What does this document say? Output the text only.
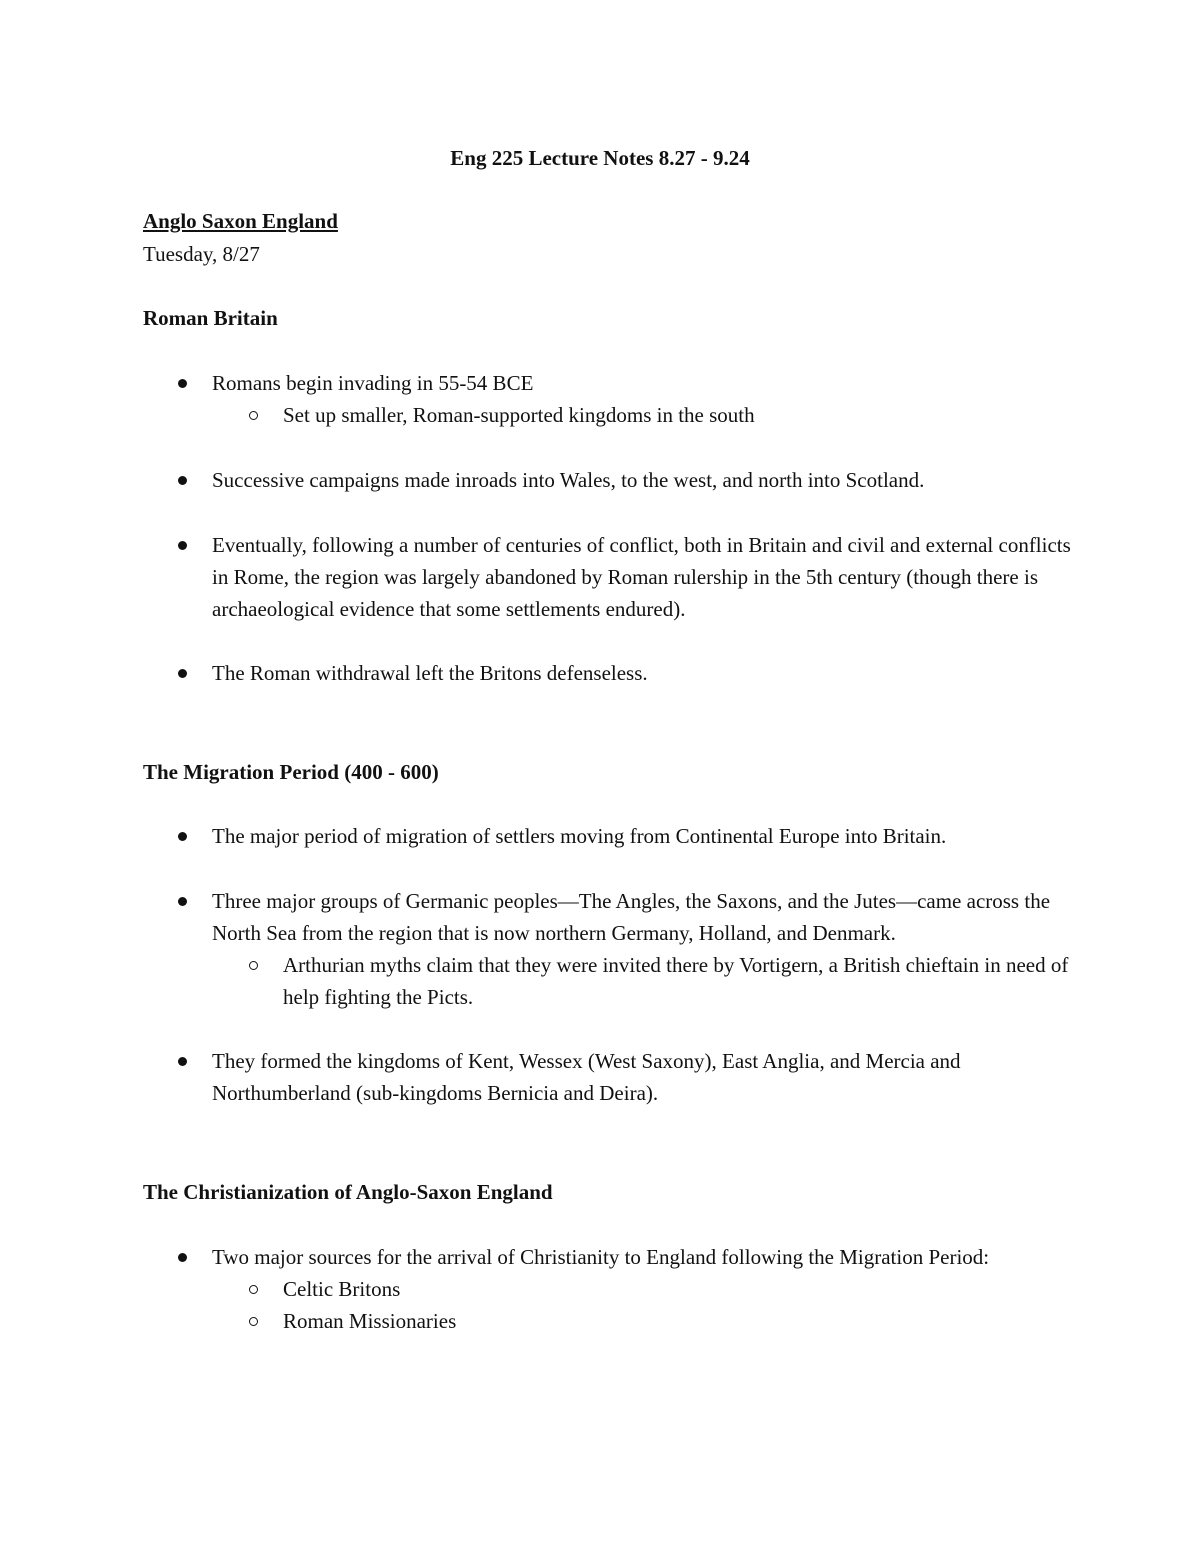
Eng 225 Lecture Notes 8.27 - 9.24
Anglo Saxon England
Tuesday, 8/27
Roman Britain
Romans begin invading in 55-54 BCE
Set up smaller, Roman-supported kingdoms in the south
Successive campaigns made inroads into Wales, to the west, and north into Scotland.
Eventually, following a number of centuries of conflict, both in Britain and civil and external conflicts in Rome, the region was largely abandoned by Roman rulership in the 5th century (though there is archaeological evidence that some settlements endured).
The Roman withdrawal left the Britons defenseless.
The Migration Period (400 - 600)
The major period of migration of settlers moving from Continental Europe into Britain.
Three major groups of Germanic peoples—The Angles, the Saxons, and the Jutes—came across the North Sea from the region that is now northern Germany, Holland, and Denmark.
Arthurian myths claim that they were invited there by Vortigern, a British chieftain in need of help fighting the Picts.
They formed the kingdoms of Kent, Wessex (West Saxony), East Anglia, and Mercia and Northumberland (sub-kingdoms Bernicia and Deira).
The Christianization of Anglo-Saxon England
Two major sources for the arrival of Christianity to England following the Migration Period:
Celtic Britons
Roman Missionaries
